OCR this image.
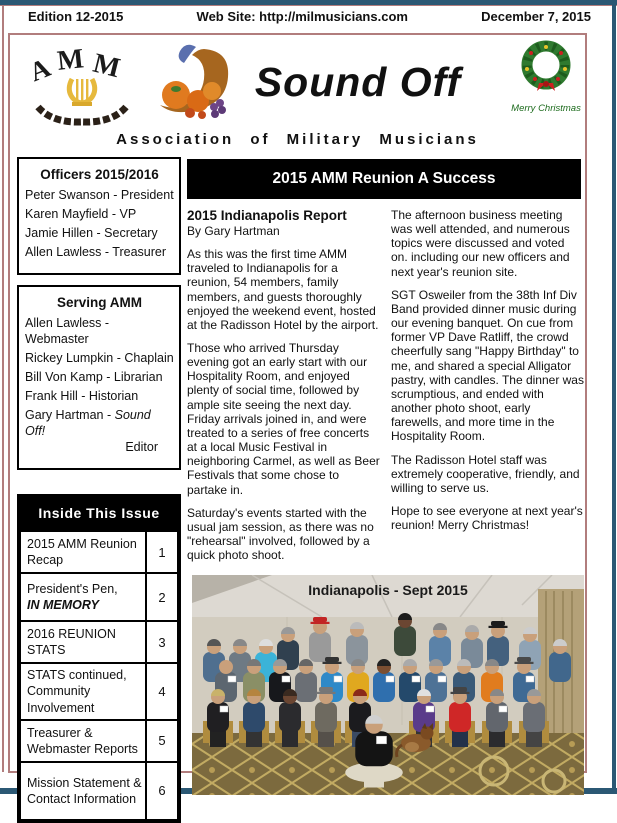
Edition 12-2015	Web Site: http://milmusicians.com	December 7, 2015
A M M	Sound Off
Merry Christmas
Association of Military Musicians
Officers 2015/2016
Peter Swanson - President
Karen Mayfield - VP
Jamie Hillen - Secretary
Allen Lawless - Treasurer
Serving AMM
Allen Lawless - Webmaster
Rickey Lumpkin - Chaplain
Bill Von Kamp - Librarian
Frank Hill - Historian
Gary Hartman - Sound Off!
Editor
Inside This Issue
2015 AMM Reunion Recap	1
President's Pen,
IN MEMORY	2
2016 REUNION STATS	3
STATS continued, Community Involvement	4
Treasurer & Webmaster Reports	5
Mission Statement & Contact Information	6
2015 AMM Reunion A Success
2015 Indianapolis Report

By Gary Hartman

As this was the first time AMM traveled to Indianapolis for a reunion, 54 members, family members, and guests thoroughly enjoyed the weekend event, hosted at the Radisson Hotel by the airport.

Those who arrived Thursday evening got an early start with our Hospitality Room, and enjoyed plenty of social time, followed by ample site seeing the next day. Friday arrivals joined in, and were treated to a series of free concerts at a local Music Festival in neighboring Carmel, as well as Beer Festivals that some chose to partake in.

Saturday's events started with the usual jam session, as there was no "rehearsal" involved, followed by a quick photo shoot.

The afternoon business meeting was well attended, and numerous topics were discussed and voted on. including our new officers and next year's reunion site.

SGT Osweiler from the 38th Inf Div Band provided dinner music during our evening banquet. On cue from former VP Dave Ratliff, the crowd cheerfully sang "Happy Birthday" to me, and shared a special Alligator pastry, with candles. The dinner was scrumptious, and ended with another photo shoot, early farewells, and more time in the Hospitality Room.

The Radisson Hotel staff was extremely cooperative, friendly, and willing to serve us.

Hope to see everyone at next year's reunion! Merry Christmas!

Indianapolis - Sept 2015
